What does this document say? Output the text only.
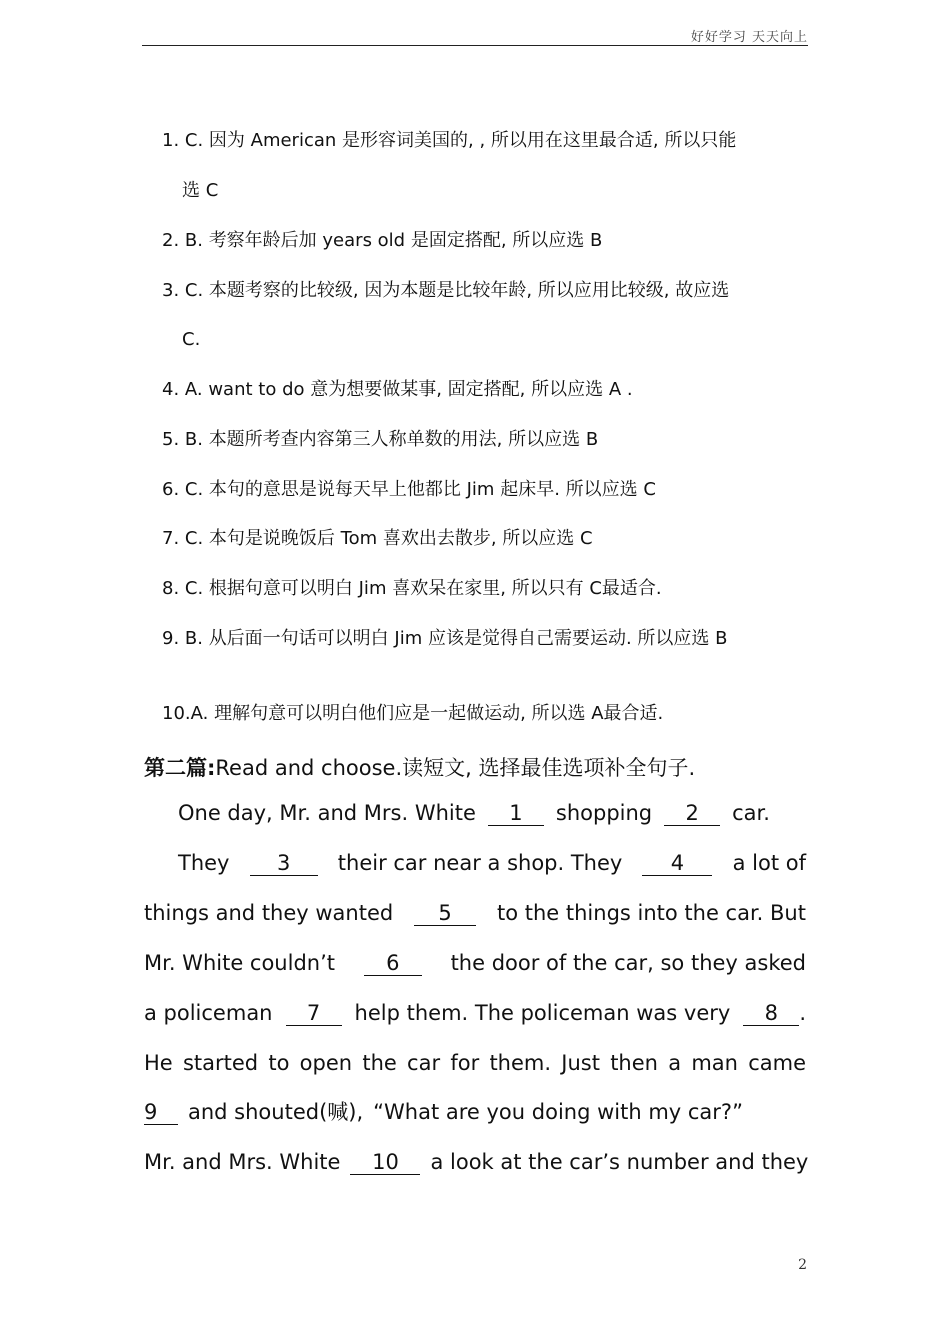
好好学习 天天向上
1. C. 因为 American 是形容词美国的, , 所以用在这里最合适, 所以只能
选 C
2. B. 考察年龄后加 years old 是固定搭配, 所以应选 B
3. C. 本题考察的比较级, 因为本题是比较年龄, 所以应用比较级, 故应选
C.
4. A. want to do 意为想要做某事, 固定搭配, 所以应选 A .
5. B. 本题所考查内容第三人称单数的用法, 所以应选 B
6. C. 本句的意思是说每天早上他都比 Jim 起床早. 所以应选 C
7. C. 本句是说晚饭后 Tom 喜欢出去散步, 所以应选 C
8. C. 根据句意可以明白 Jim 喜欢呆在家里, 所以只有 C最适合.
9. B. 从后面一句话可以明白 Jim 应该是觉得自己需要运动. 所以应选 B
10.A. 理解句意可以明白他们应是一起做运动, 所以选 A最合适.
第二篇:Read and choose.读短文, 选择最佳选项补全句子.
One day, Mr. and Mrs. White	1	shopping	2	car.
They	3	their car near a shop. They	4	a lot of
things and they wanted	5	to the things into the car. But
Mr. White couldn’t	6	the door of the car, so they asked
a policeman	7	help them. The policeman was very	8 .
He started to open the car for them. Just then a man came
9	and shouted(喊), “What are you doing with my car?”
Mr. and Mrs. White	10	a look at the car’s number and they
2
